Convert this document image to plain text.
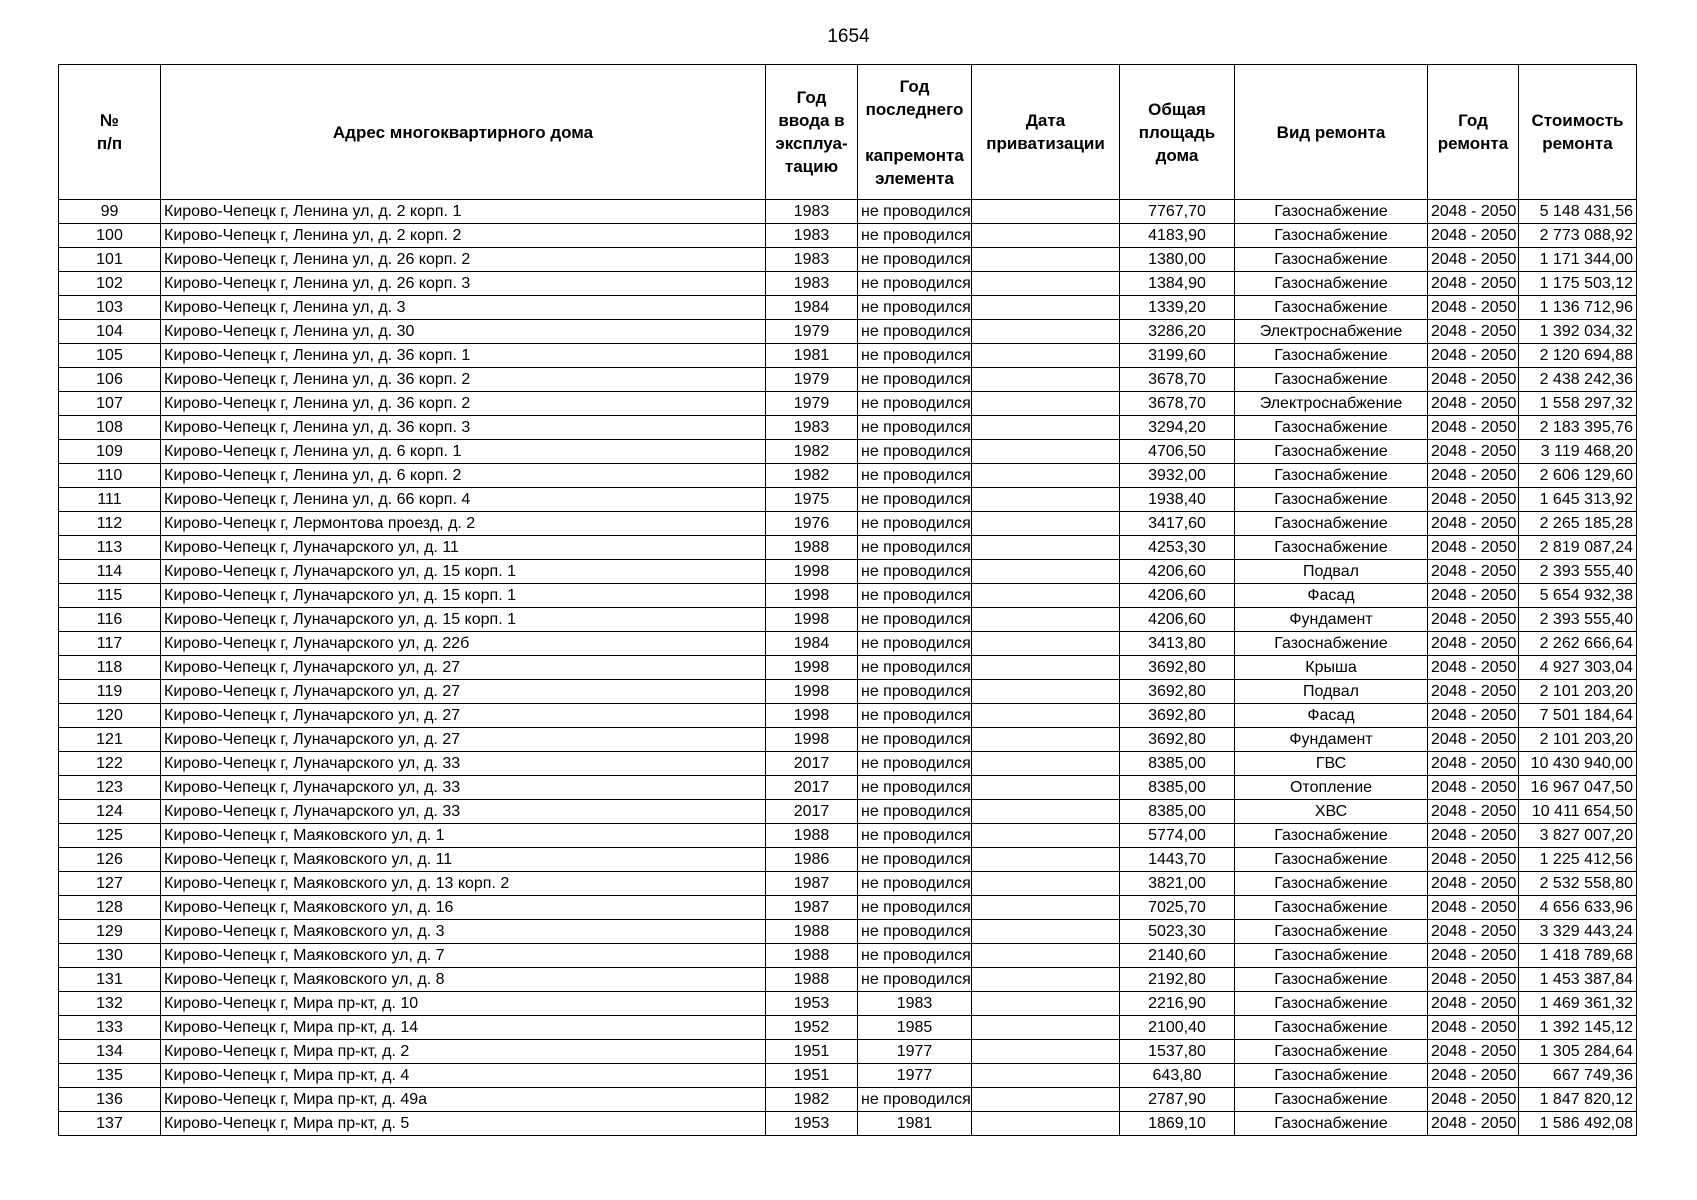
1654
№
п/п	Адрес многоквартирного дома	Год
ввода в
эксплуа-
тацию	Год
последнего

капремонта
элемента	Дата
приватизации	Общая
площадь
дома	Вид ремонта	Год
ремонта	Стоимость
ремонта
99	Кирово-Чепецк г, Ленина ул, д. 2 корп. 1	1983	не проводился		7767,70	Газоснабжение	2048 - 2050	5 148 431,56
100	Кирово-Чепецк г, Ленина ул, д. 2 корп. 2	1983	не проводился		4183,90	Газоснабжение	2048 - 2050	2 773 088,92
101	Кирово-Чепецк г, Ленина ул, д. 26 корп. 2	1983	не проводился		1380,00	Газоснабжение	2048 - 2050	1 171 344,00
102	Кирово-Чепецк г, Ленина ул, д. 26 корп. 3	1983	не проводился		1384,90	Газоснабжение	2048 - 2050	1 175 503,12
103	Кирово-Чепецк г, Ленина ул, д. 3	1984	не проводился		1339,20	Газоснабжение	2048 - 2050	1 136 712,96
104	Кирово-Чепецк г, Ленина ул, д. 30	1979	не проводился		3286,20	Электроснабжение	2048 - 2050	1 392 034,32
105	Кирово-Чепецк г, Ленина ул, д. 36 корп. 1	1981	не проводился		3199,60	Газоснабжение	2048 - 2050	2 120 694,88
106	Кирово-Чепецк г, Ленина ул, д. 36 корп. 2	1979	не проводился		3678,70	Газоснабжение	2048 - 2050	2 438 242,36
107	Кирово-Чепецк г, Ленина ул, д. 36 корп. 2	1979	не проводился		3678,70	Электроснабжение	2048 - 2050	1 558 297,32
108	Кирово-Чепецк г, Ленина ул, д. 36 корп. 3	1983	не проводился		3294,20	Газоснабжение	2048 - 2050	2 183 395,76
109	Кирово-Чепецк г, Ленина ул, д. 6 корп. 1	1982	не проводился		4706,50	Газоснабжение	2048 - 2050	3 119 468,20
110	Кирово-Чепецк г, Ленина ул, д. 6 корп. 2	1982	не проводился		3932,00	Газоснабжение	2048 - 2050	2 606 129,60
111	Кирово-Чепецк г, Ленина ул, д. 66 корп. 4	1975	не проводился		1938,40	Газоснабжение	2048 - 2050	1 645 313,92
112	Кирово-Чепецк г, Лермонтова проезд, д. 2	1976	не проводился		3417,60	Газоснабжение	2048 - 2050	2 265 185,28
113	Кирово-Чепецк г, Луначарского ул, д. 11	1988	не проводился		4253,30	Газоснабжение	2048 - 2050	2 819 087,24
114	Кирово-Чепецк г, Луначарского ул, д. 15 корп. 1	1998	не проводился		4206,60	Подвал	2048 - 2050	2 393 555,40
115	Кирово-Чепецк г, Луначарского ул, д. 15 корп. 1	1998	не проводился		4206,60	Фасад	2048 - 2050	5 654 932,38
116	Кирово-Чепецк г, Луначарского ул, д. 15 корп. 1	1998	не проводился		4206,60	Фундамент	2048 - 2050	2 393 555,40
117	Кирово-Чепецк г, Луначарского ул, д. 22б	1984	не проводился		3413,80	Газоснабжение	2048 - 2050	2 262 666,64
118	Кирово-Чепецк г, Луначарского ул, д. 27	1998	не проводился		3692,80	Крыша	2048 - 2050	4 927 303,04
119	Кирово-Чепецк г, Луначарского ул, д. 27	1998	не проводился		3692,80	Подвал	2048 - 2050	2 101 203,20
120	Кирово-Чепецк г, Луначарского ул, д. 27	1998	не проводился		3692,80	Фасад	2048 - 2050	7 501 184,64
121	Кирово-Чепецк г, Луначарского ул, д. 27	1998	не проводился		3692,80	Фундамент	2048 - 2050	2 101 203,20
122	Кирово-Чепецк г, Луначарского ул, д. 33	2017	не проводился		8385,00	ГВС	2048 - 2050	10 430 940,00
123	Кирово-Чепецк г, Луначарского ул, д. 33	2017	не проводился		8385,00	Отопление	2048 - 2050	16 967 047,50
124	Кирово-Чепецк г, Луначарского ул, д. 33	2017	не проводился		8385,00	ХВС	2048 - 2050	10 411 654,50
125	Кирово-Чепецк г, Маяковского ул, д. 1	1988	не проводился		5774,00	Газоснабжение	2048 - 2050	3 827 007,20
126	Кирово-Чепецк г, Маяковского ул, д. 11	1986	не проводился		1443,70	Газоснабжение	2048 - 2050	1 225 412,56
127	Кирово-Чепецк г, Маяковского ул, д. 13 корп. 2	1987	не проводился		3821,00	Газоснабжение	2048 - 2050	2 532 558,80
128	Кирово-Чепецк г, Маяковского ул, д. 16	1987	не проводился		7025,70	Газоснабжение	2048 - 2050	4 656 633,96
129	Кирово-Чепецк г, Маяковского ул, д. 3	1988	не проводился		5023,30	Газоснабжение	2048 - 2050	3 329 443,24
130	Кирово-Чепецк г, Маяковского ул, д. 7	1988	не проводился		2140,60	Газоснабжение	2048 - 2050	1 418 789,68
131	Кирово-Чепецк г, Маяковского ул, д. 8	1988	не проводился		2192,80	Газоснабжение	2048 - 2050	1 453 387,84
132	Кирово-Чепецк г, Мира пр-кт, д. 10	1953	1983		2216,90	Газоснабжение	2048 - 2050	1 469 361,32
133	Кирово-Чепецк г, Мира пр-кт, д. 14	1952	1985		2100,40	Газоснабжение	2048 - 2050	1 392 145,12
134	Кирово-Чепецк г, Мира пр-кт, д. 2	1951	1977		1537,80	Газоснабжение	2048 - 2050	1 305 284,64
135	Кирово-Чепецк г, Мира пр-кт, д. 4	1951	1977		643,80	Газоснабжение	2048 - 2050	667 749,36
136	Кирово-Чепецк г, Мира пр-кт, д. 49а	1982	не проводился		2787,90	Газоснабжение	2048 - 2050	1 847 820,12
137	Кирово-Чепецк г, Мира пр-кт, д. 5	1953	1981		1869,10	Газоснабжение	2048 - 2050	1 586 492,08
